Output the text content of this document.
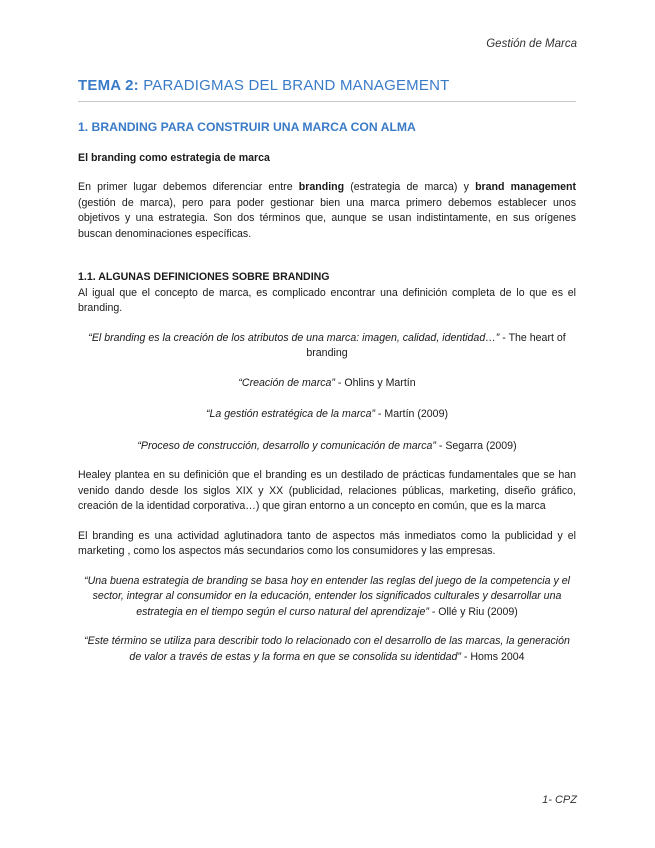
Gestión de Marca
TEMA 2: PARADIGMAS DEL BRAND MANAGEMENT
1. BRANDING PARA CONSTRUIR UNA MARCA CON ALMA
El branding como estrategia de marca

En primer lugar debemos diferenciar entre branding (estrategia de marca) y brand management (gestión de marca), pero para poder gestionar bien una marca primero debemos establecer unos objetivos y una estrategia. Son dos términos que, aunque se usan indistintamente, en sus orígenes buscan denominaciones específicas.

1.1. ALGUNAS DEFINICIONES SOBRE BRANDING

Al igual que el concepto de marca, es complicado encontrar una definición completa de lo que es el branding.

“El branding es la creación de los atributos de una marca: imagen, calidad, identidad…” - The heart of branding

“Creación de marca” - Ohlins y Martín

“La gestión estratégica de la marca” - Martín (2009)

“Proceso de construcción, desarrollo y comunicación de marca” - Segarra (2009)

Healey plantea en su definición que el branding es un destilado de prácticas fundamentales que se han venido dando desde los siglos XIX y XX (publicidad, relaciones públicas, marketing, diseño gráfico, creación de la identidad corporativa…) que giran entorno a un concepto en común, que es la marca

El branding es una actividad aglutinadora tanto de aspectos más inmediatos como la publicidad y el marketing , como los aspectos más secundarios como los consumidores y las empresas.

“Una buena estrategia de branding se basa hoy en entender las reglas del juego de la competencia y el sector, integrar al consumidor en la educación, entender los significados culturales y desarrollar una estrategia en el tiempo según el curso natural del aprendizaje” - Ollé y Riu (2009)

“Este término se utiliza para describir todo lo relacionado con el desarrollo de las marcas, la generación de valor a través de estas y la forma en que se consolida su identidad” - Homs 2004

1- CPZ
